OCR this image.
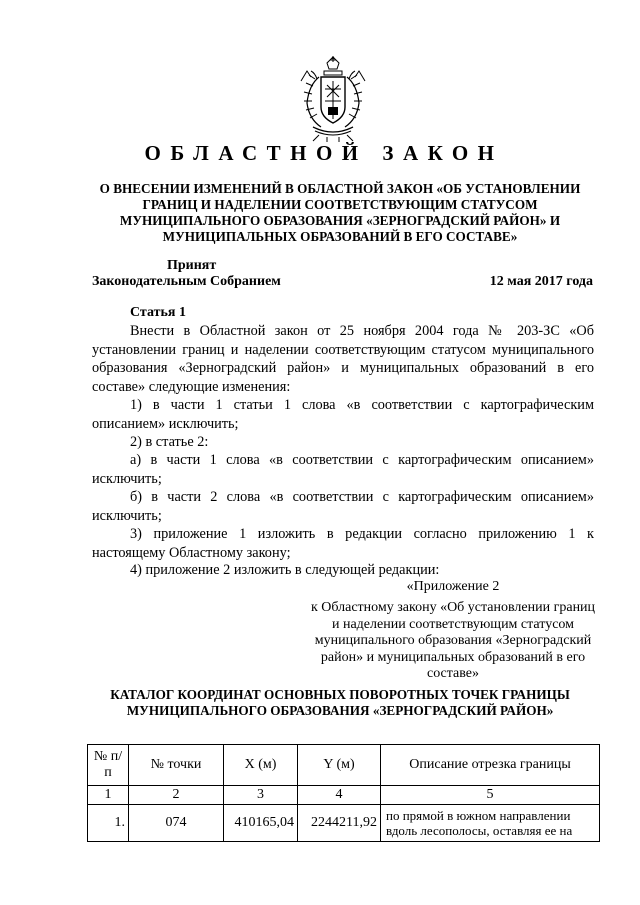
ОБЛАСТНОЙ ЗАКОН
О ВНЕСЕНИИ ИЗМЕНЕНИЙ В ОБЛАСТНОЙ ЗАКОН «ОБ УСТАНОВЛЕНИИ ГРАНИЦ И НАДЕЛЕНИИ СООТВЕТСТВУЮЩИМ СТАТУСОМ МУНИЦИПАЛЬНОГО ОБРАЗОВАНИЯ «ЗЕРНОГРАДСКИЙ РАЙОН» И МУНИЦИПАЛЬНЫХ ОБРАЗОВАНИЙ В ЕГО СОСТАВЕ»
Принят
Законодательным Собранием	12 мая 2017 года
Статья 1
Внести в Областной закон от 25 ноября 2004 года № 203-ЗС «Об установлении границ и наделении соответствующим статусом муниципального образования «Зерноградский район» и муниципальных образований в его составе» следующие изменения:
1) в части 1 статьи 1 слова «в соответствии с картографическим описанием» исключить;
2) в статье 2:
а) в части 1 слова «в соответствии с картографическим описанием» исключить;
б) в части 2 слова «в соответствии с картографическим описанием» исключить;
3) приложение 1 изложить в редакции согласно приложению 1 к настоящему Областному закону;
4) приложение 2 изложить в следующей редакции:
«Приложение 2
к Областному закону «Об установлении границ и наделении соответствующим статусом муниципального образования «Зерноградский район» и муниципальных образований в его составе»
КАТАЛОГ КООРДИНАТ ОСНОВНЫХ ПОВОРОТНЫХ ТОЧЕК ГРАНИЦЫ МУНИЦИПАЛЬНОГО ОБРАЗОВАНИЯ «ЗЕРНОГРАДСКИЙ РАЙОН»
№ п/п	№ точки	X (м)	Y (м)	Описание отрезка границы
1	2	3	4	5
1.	074	410165,04	2244211,92	по прямой в южном направлении вдоль лесополосы, оставляя ее на
